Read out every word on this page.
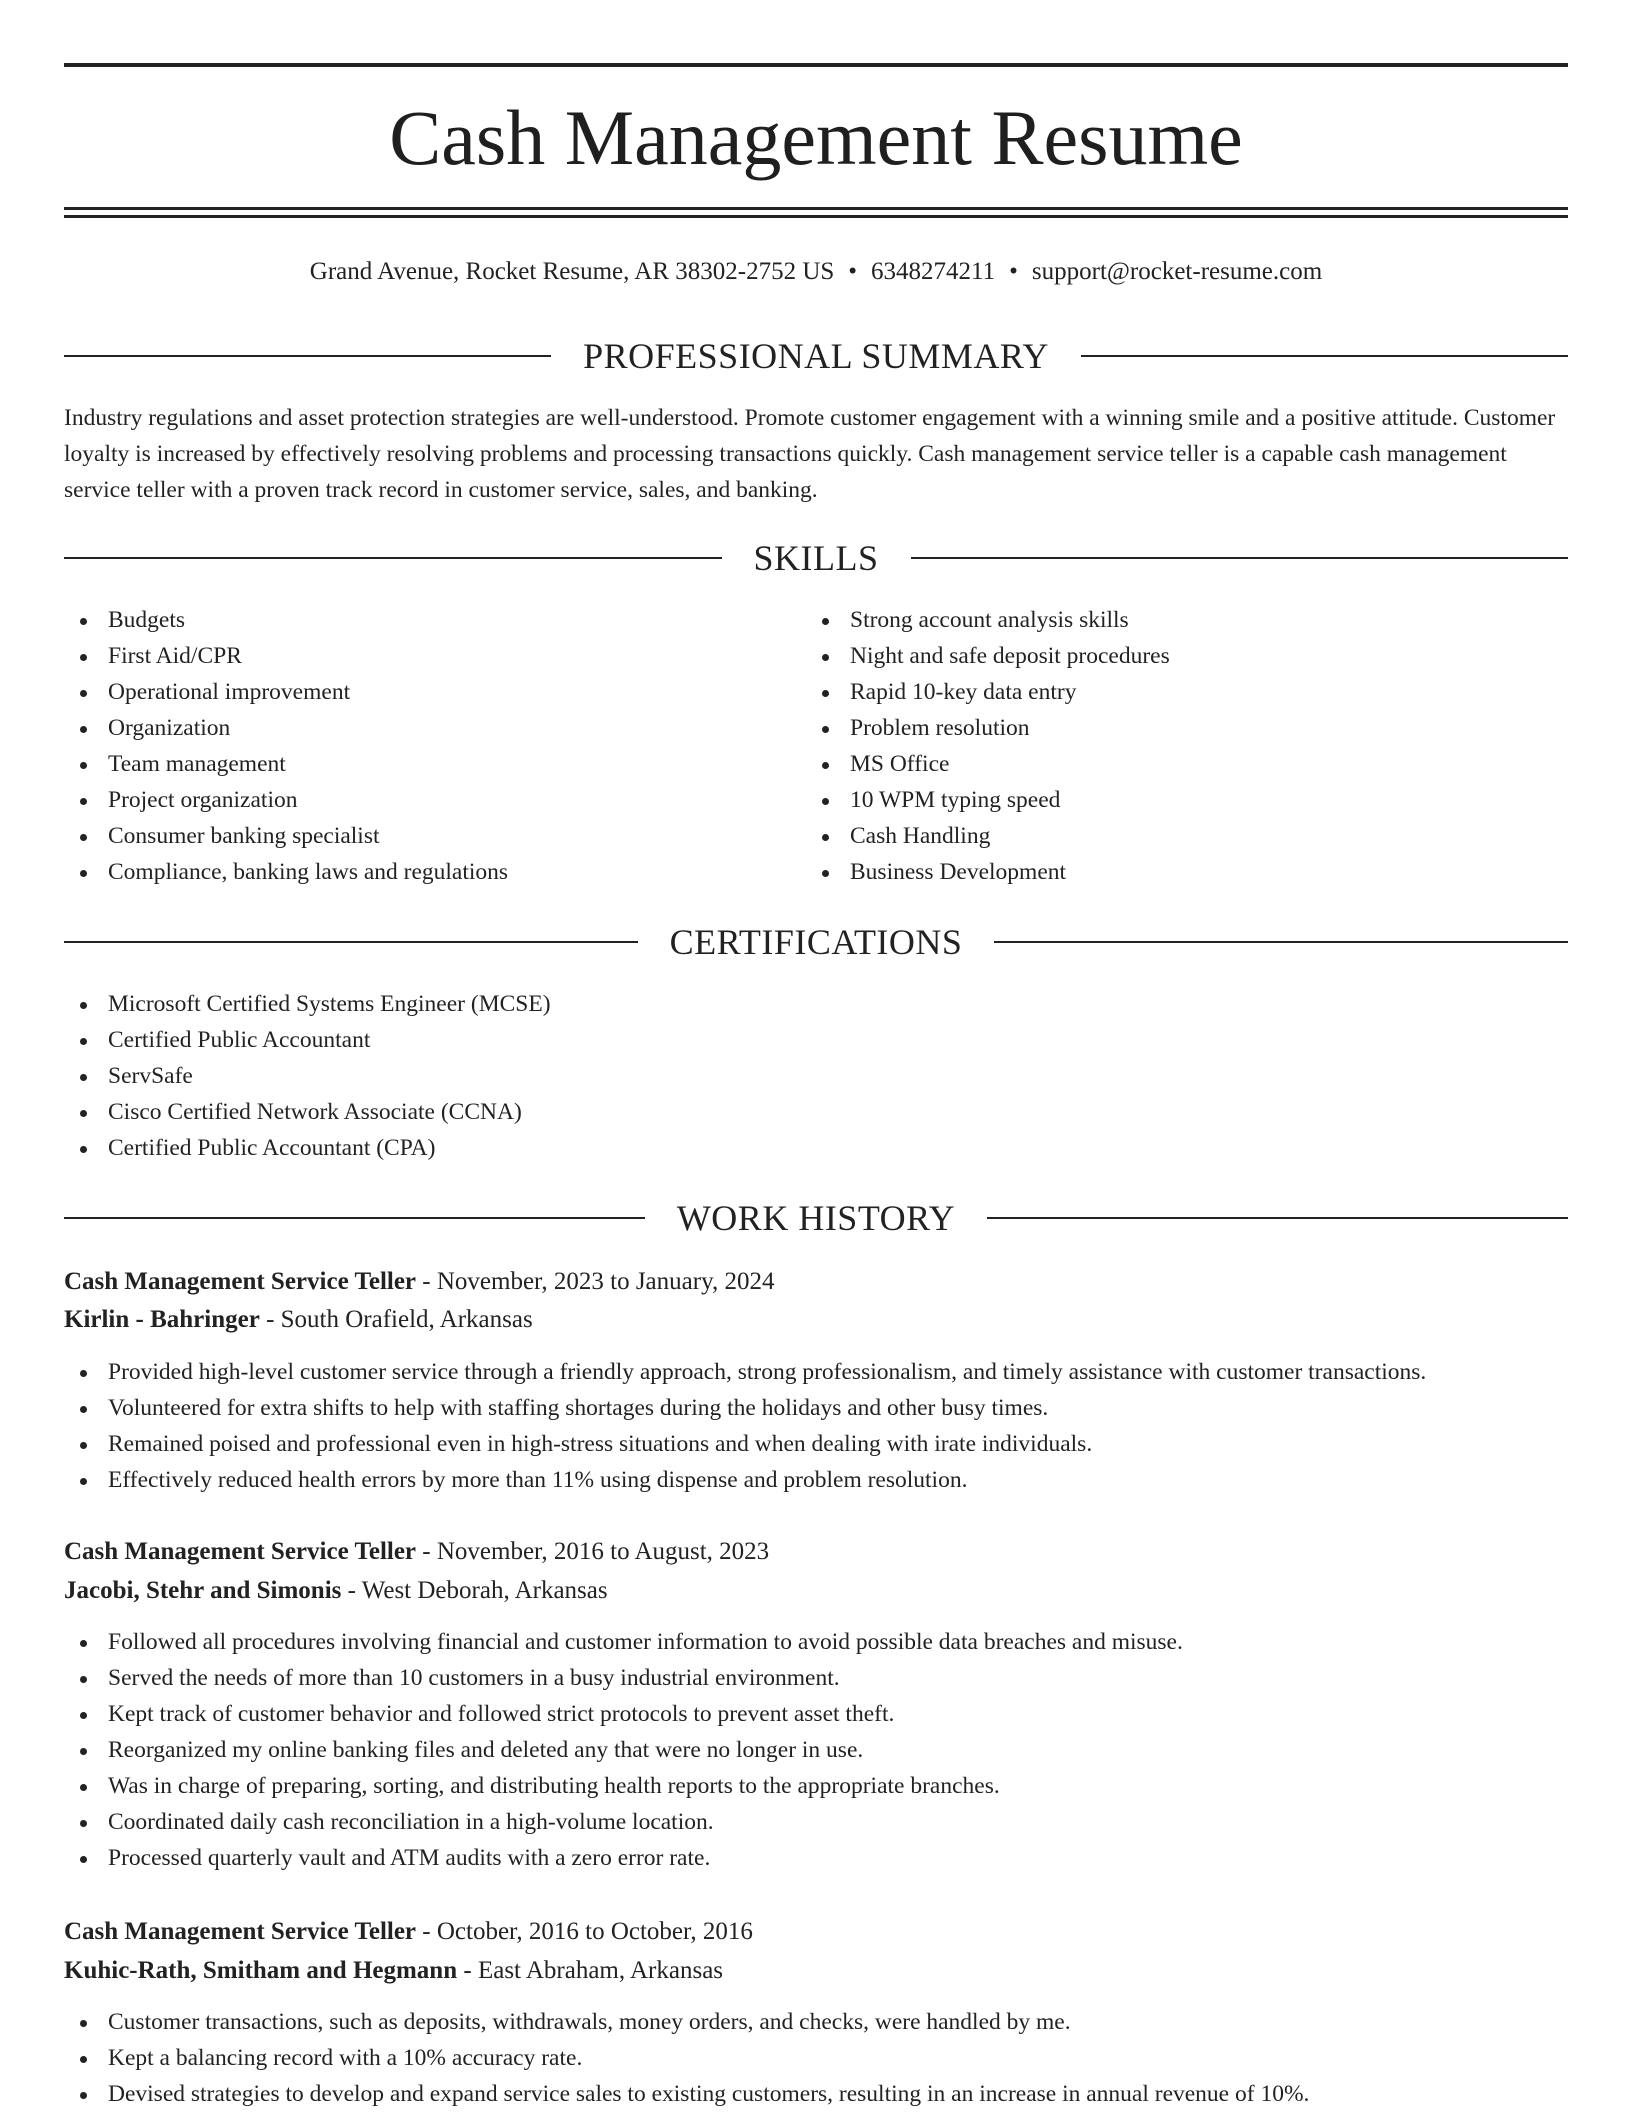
Cash Management Resume
Grand Avenue, Rocket Resume, AR 38302-2752 US • 6348274211 • support@rocket-resume.com
PROFESSIONAL SUMMARY
Industry regulations and asset protection strategies are well-understood. Promote customer engagement with a winning smile and a positive attitude. Customer loyalty is increased by effectively resolving problems and processing transactions quickly. Cash management service teller is a capable cash management service teller with a proven track record in customer service, sales, and banking.
SKILLS
Budgets
First Aid/CPR
Operational improvement
Organization
Team management
Project organization
Consumer banking specialist
Compliance, banking laws and regulations
Strong account analysis skills
Night and safe deposit procedures
Rapid 10-key data entry
Problem resolution
MS Office
10 WPM typing speed
Cash Handling
Business Development
CERTIFICATIONS
Microsoft Certified Systems Engineer (MCSE)
Certified Public Accountant
ServSafe
Cisco Certified Network Associate (CCNA)
Certified Public Accountant (CPA)
WORK HISTORY
Cash Management Service Teller - November, 2023 to January, 2024
Kirlin - Bahringer - South Orafield, Arkansas
Provided high-level customer service through a friendly approach, strong professionalism, and timely assistance with customer transactions.
Volunteered for extra shifts to help with staffing shortages during the holidays and other busy times.
Remained poised and professional even in high-stress situations and when dealing with irate individuals.
Effectively reduced health errors by more than 11% using dispense and problem resolution.
Cash Management Service Teller - November, 2016 to August, 2023
Jacobi, Stehr and Simonis - West Deborah, Arkansas
Followed all procedures involving financial and customer information to avoid possible data breaches and misuse.
Served the needs of more than 10 customers in a busy industrial environment.
Kept track of customer behavior and followed strict protocols to prevent asset theft.
Reorganized my online banking files and deleted any that were no longer in use.
Was in charge of preparing, sorting, and distributing health reports to the appropriate branches.
Coordinated daily cash reconciliation in a high-volume location.
Processed quarterly vault and ATM audits with a zero error rate.
Cash Management Service Teller - October, 2016 to October, 2016
Kuhic-Rath, Smitham and Hegmann - East Abraham, Arkansas
Customer transactions, such as deposits, withdrawals, money orders, and checks, were handled by me.
Kept a balancing record with a 10% accuracy rate.
Devised strategies to develop and expand service sales to existing customers, resulting in an increase in annual revenue of 10%.
